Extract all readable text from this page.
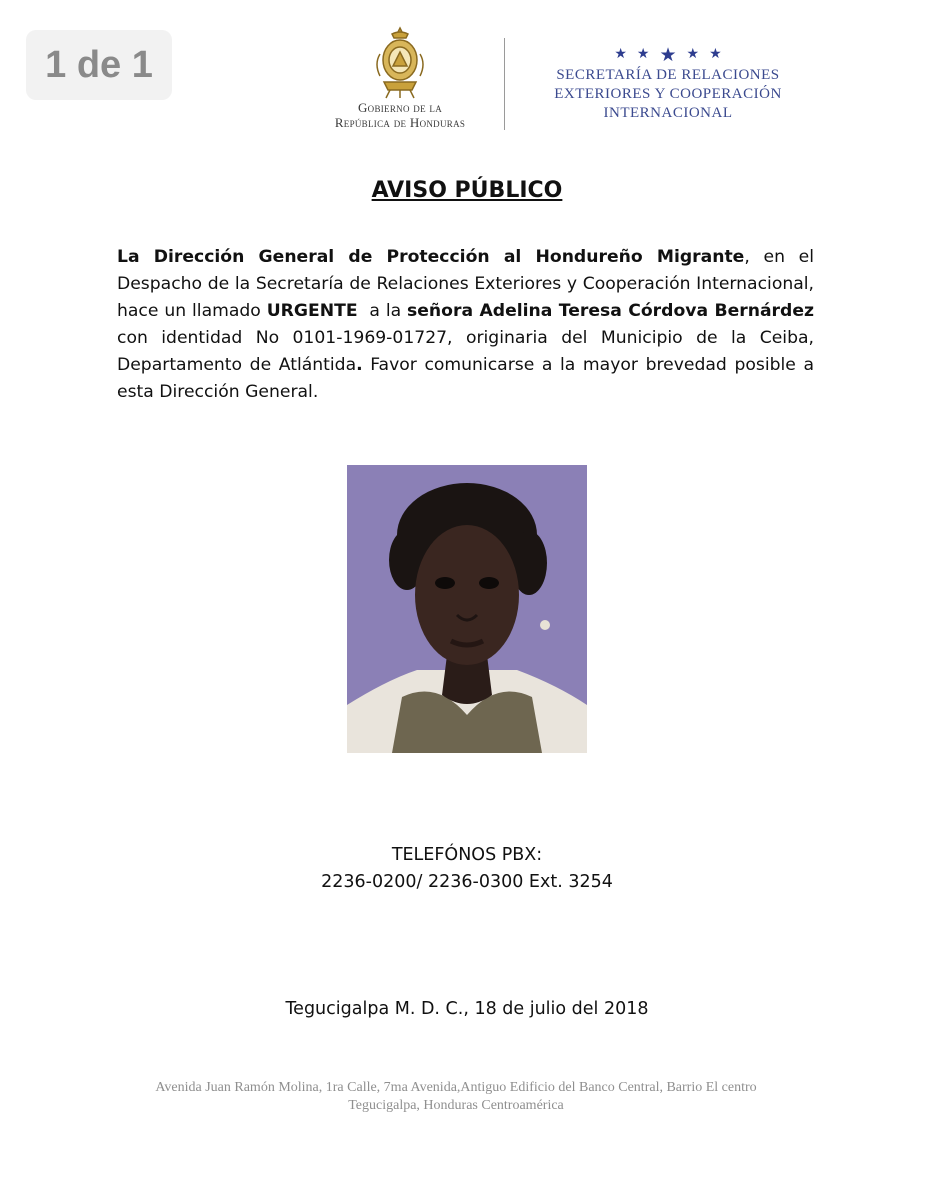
1 de 1
Gobierno de la
República de Honduras
★ ★ ★ ★ ★
SECRETARÍA DE RELACIONES
EXTERIORES Y COOPERACIÓN
INTERNACIONAL
AVISO PÚBLICO
La Dirección General de Protección al Hondureño Migrante, en el Despacho de la Secretaría de Relaciones Exteriores y Cooperación Internacional, hace un llamado URGENTE  a la señora Adelina Teresa Córdova Bernárdez con identidad No 0101-1969-01727, originaria del Municipio de la Ceiba, Departamento de Atlántida. Favor comunicarse a la mayor brevedad posible a esta Dirección General.
TELEFÓNOS PBX:
2236-0200/ 2236-0300 Ext. 3254
Tegucigalpa M. D. C., 18 de julio del 2018
Avenida Juan Ramón Molina, 1ra Calle, 7ma Avenida,Antiguo Edificio del Banco Central, Barrio El centro
Tegucigalpa, Honduras Centroamérica
